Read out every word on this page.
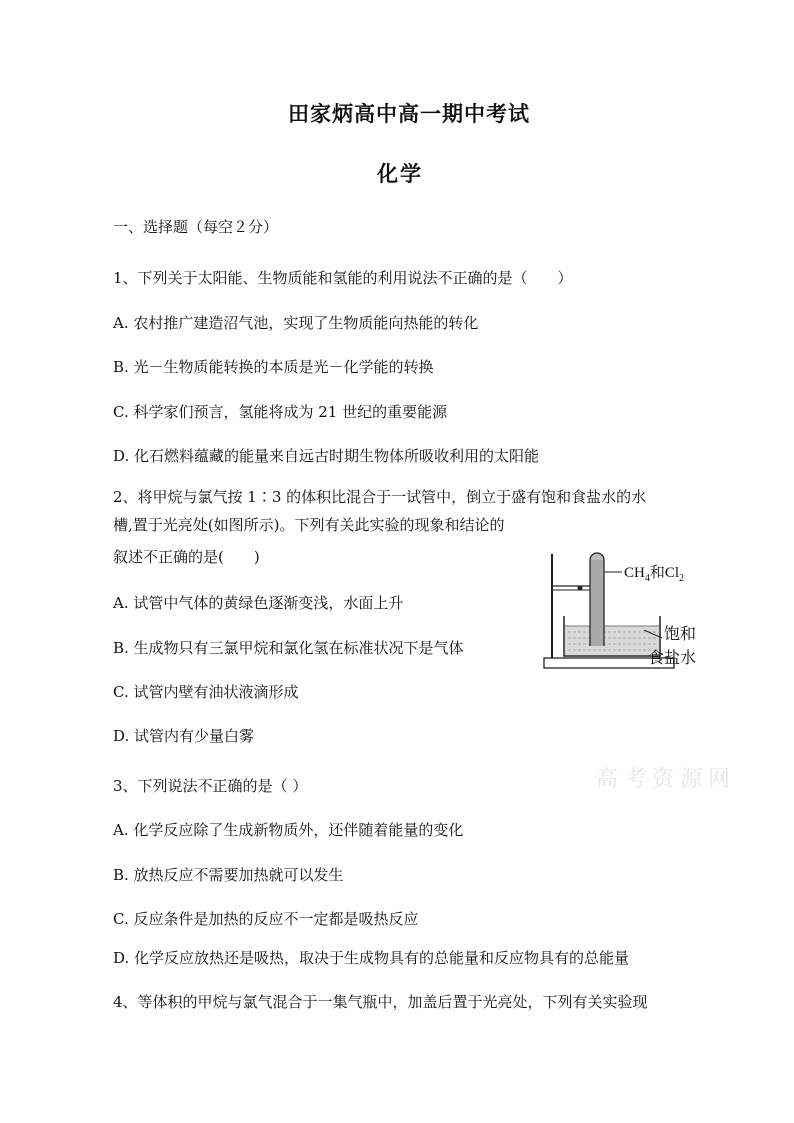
田家炳高中高一期中考试
化学
一、选择题（每空２分）
1、下列关于太阳能、生物质能和氢能的利用说法不正确的是（　　）
A. 农村推广建造沼气池，实现了生物质能向热能的转化
B. 光－生物质能转换的本质是光－化学能的转换
C. 科学家们预言，氢能将成为 21 世纪的重要能源
D. 化石燃料蕴藏的能量来自远古时期生物体所吸收利用的太阳能
2、将甲烷与氯气按 1∶3 的体积比混合于一试管中，倒立于盛有饱和食盐水的水
槽,置于光亮处(如图所示)。下列有关此实验的现象和结论的
叙述不正确的是(　　)
A. 试管中气体的黄绿色逐渐变浅，水面上升
B. 生成物只有三氯甲烷和氯化氢在标准状况下是气体
C. 试管内壁有油状液滴形成
D. 试管内有少量白雾
$CH_4$和$Cl_2$
饱和
食盐水
高考资源网
3、下列说法不正确的是（ ）
A. 化学反应除了生成新物质外，还伴随着能量的变化
B. 放热反应不需要加热就可以发生
C. 反应条件是加热的反应不一定都是吸热反应
D. 化学反应放热还是吸热，取决于生成物具有的总能量和反应物具有的总能量
4、等体积的甲烷与氯气混合于一集气瓶中，加盖后置于光亮处，下列有关实验现
